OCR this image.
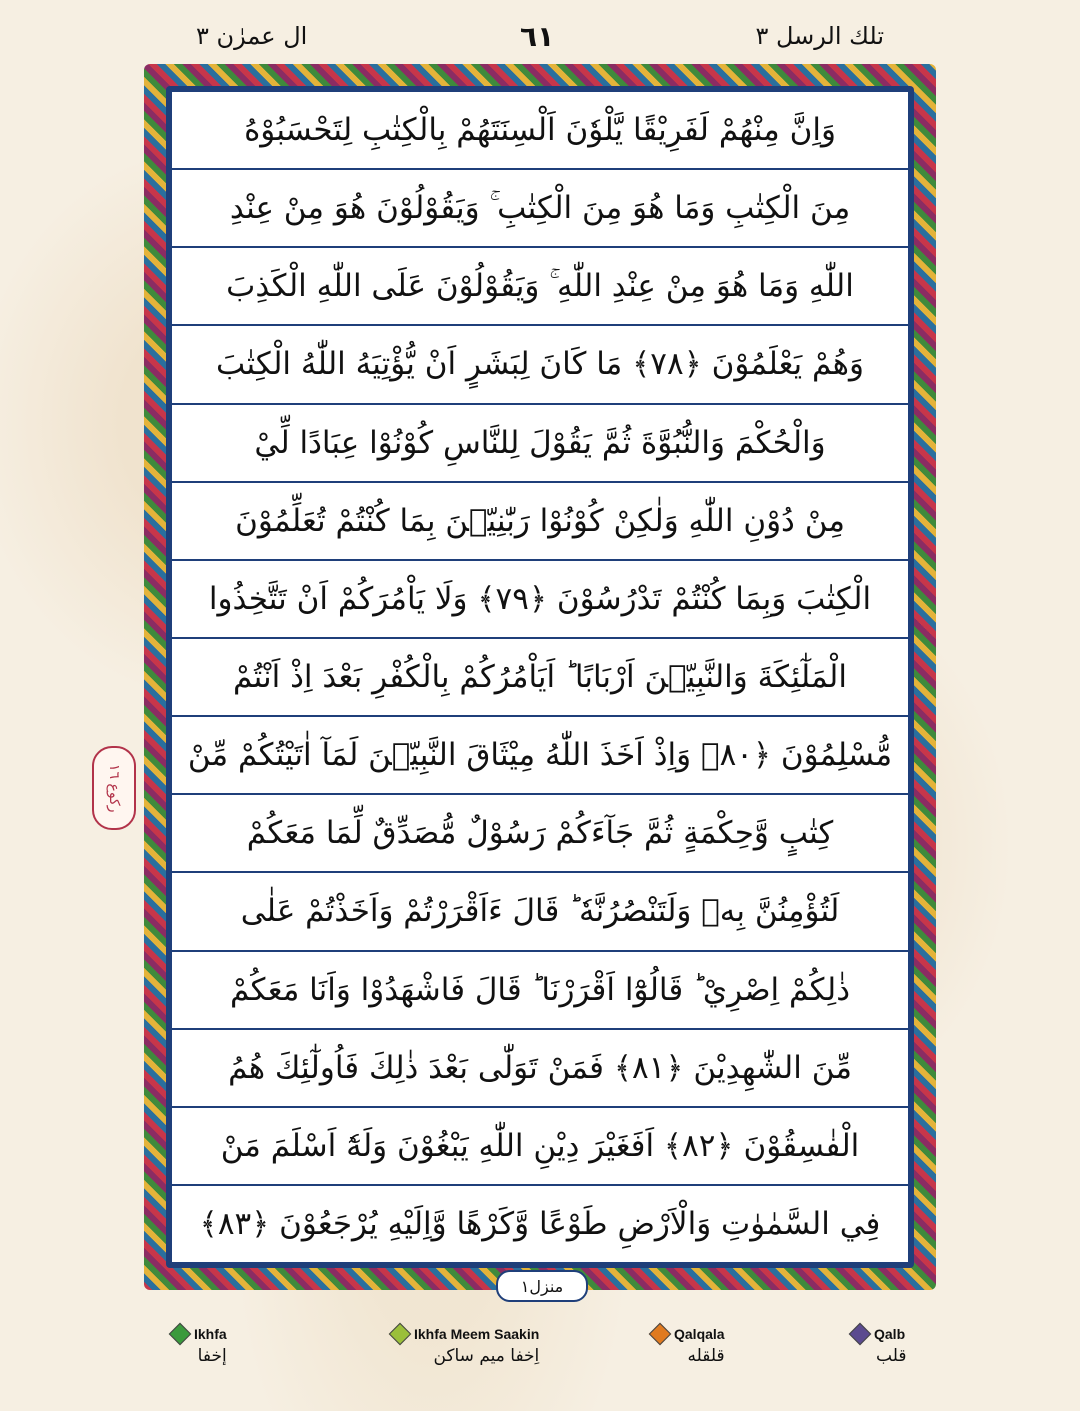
تلك الرسل ٣
٦١
ال عمرٰن ٣
وَاِنَّ مِنْهُمْ لَفَرِيْقًا يَّلْوٗنَ اَلْسِنَتَهُمْ بِالْكِتٰبِ لِتَحْسَبُوْهُ
مِنَ الْكِتٰبِ وَمَا هُوَ مِنَ الْكِتٰبِ ۚ وَيَقُوْلُوْنَ هُوَ مِنْ عِنْدِ
اللّٰهِ وَمَا هُوَ مِنْ عِنْدِ اللّٰهِ ۚ وَيَقُوْلُوْنَ عَلَى اللّٰهِ الْكَذِبَ
وَهُمْ يَعْلَمُوْنَ ﴿٧٨﴾ مَا كَانَ لِبَشَرٍ اَنْ يُّؤْتِيَهُ اللّٰهُ الْكِتٰبَ
وَالْحُكْمَ وَالنُّبُوَّةَ ثُمَّ يَقُوْلَ لِلنَّاسِ كُوْنُوْا عِبَادًا لِّيْ
مِنْ دُوْنِ اللّٰهِ وَلٰكِنْ كُوْنُوْا رَبّٰنِيّٖنَ بِمَا كُنْتُمْ تُعَلِّمُوْنَ
الْكِتٰبَ وَبِمَا كُنْتُمْ تَدْرُسُوْنَ ﴿٧٩﴾ وَلَا يَاْمُرَكُمْ اَنْ تَتَّخِذُوا
الْمَلٰٓئِكَةَ وَالنَّبِيّٖنَ اَرْبَابًا ؕ اَيَاْمُرُكُمْ بِالْكُفْرِ بَعْدَ اِذْ اَنْتُمْ
مُّسْلِمُوْنَ ﴿٨٠﴾ وَاِذْ اَخَذَ اللّٰهُ مِيْثَاقَ النَّبِيّٖنَ لَمَآ اٰتَيْتُكُمْ مِّنْ
كِتٰبٍ وَّحِكْمَةٍ ثُمَّ جَآءَكُمْ رَسُوْلٌ مُّصَدِّقٌ لِّمَا مَعَكُمْ
لَتُؤْمِنُنَّ بِهٖ وَلَتَنْصُرُنَّهٗ ؕ قَالَ ءَاَقْرَرْتُمْ وَاَخَذْتُمْ عَلٰى
ذٰلِكُمْ اِصْرِيْ ؕ قَالُوْٓا اَقْرَرْنَا ؕ قَالَ فَاشْهَدُوْا وَاَنَا مَعَكُمْ
مِّنَ الشّٰهِدِيْنَ ﴿٨١﴾ فَمَنْ تَوَلّٰى بَعْدَ ذٰلِكَ فَاُولٰٓئِكَ هُمُ
الْفٰسِقُوْنَ ﴿٨٢﴾ اَفَغَيْرَ دِيْنِ اللّٰهِ يَبْغُوْنَ وَلَهٗٓ اَسْلَمَ مَنْ
فِي السَّمٰوٰتِ وَالْاَرْضِ طَوْعًا وَّكَرْهًا وَّاِلَيْهِ يُرْجَعُوْنَ ﴿٨٣﴾
رکوع ١٦
منزل١
Ikhfa
إخفا
Ikhfa Meem Saakin
اِخفا میم ساکن
Qalqala
قلقله
Qalb
قلب
